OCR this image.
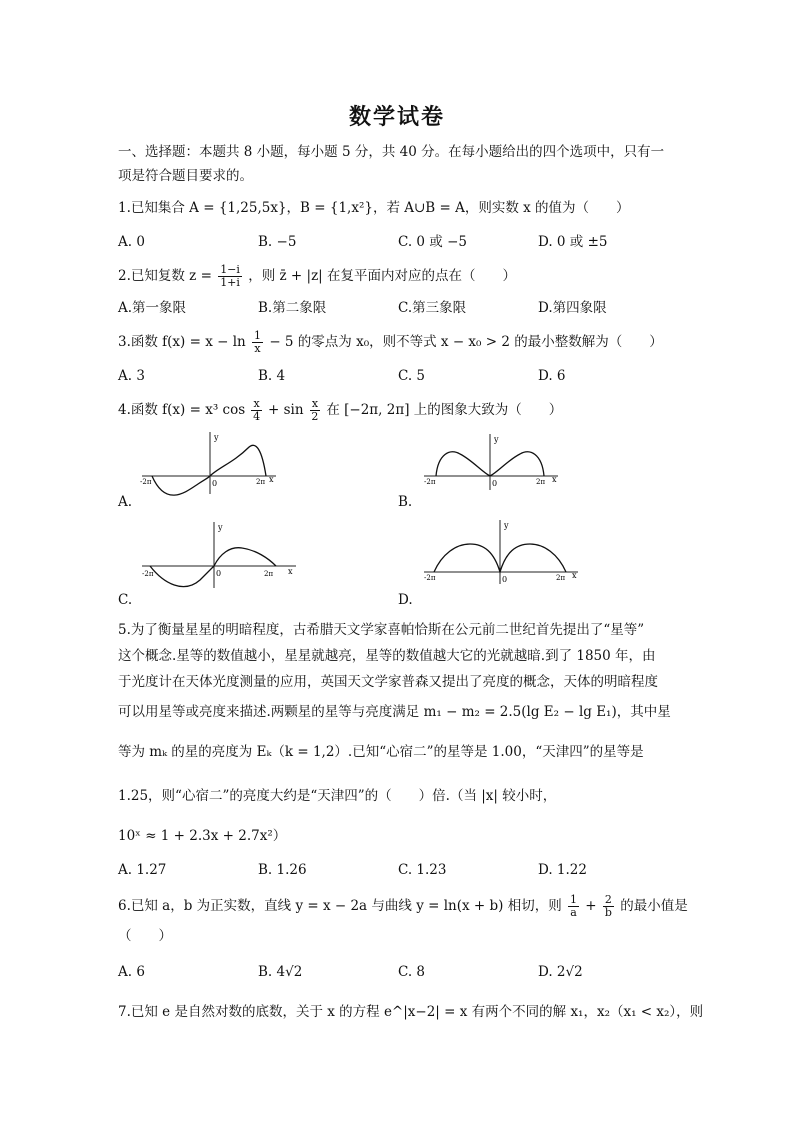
数学试卷
一、选择题：本题共 8 小题，每小题 5 分，共 40 分。在每小题给出的四个选项中，只有一
项是符合题目要求的。
1.已知集合 A = {1,25,5x}，B = {1,x²}，若 A∪B = A，则实数 x 的值为（　　）
A. 0	B. −5	C. 0 或 −5	D. 0 或 ±5
2.已知复数 $z = \frac{1-i}{1+i}$ ，则 z̄ + |z| 在复平面内对应的点在（　　）
A.第一象限	B.第二象限	C.第三象限	D.第四象限
3.函数 $f(x) = x - \ln \frac{1}{x} - 5$ 的零点为 x₀，则不等式 x − x₀ > 2 的最小整数解为（　　）
A. 3	B. 4	C. 5	D. 6
4.函数 f(x) = x³ $\cos \frac{x}{4} + \sin \frac{x}{2}$ 在 [−2π, 2π] 上的图象大致为（　　）
y
x
0
-2π	2π
A.
y
x
0
-2π	2π
B.
y
x
0
-2π	2π
C.
y
x
0
-2π	2π
D.
5.为了衡量星星的明暗程度，古希腊天文学家喜帕恰斯在公元前二世纪首先提出了“星等”
这个概念.星等的数值越小，星星就越亮，星等的数值越大它的光就越暗.到了 1850 年，由
于光度计在天体光度测量的应用，英国天文学家普森又提出了亮度的概念，天体的明暗程度
可以用星等或亮度来描述.两颗星的星等与亮度满足 m₁ − m₂ = 2.5(lg E₂ − lg E₁)，其中星
等为 mₖ 的星的亮度为 Eₖ（k = 1,2）.已知“心宿二”的星等是 1.00，“天津四”的星等是
1.25，则“心宿二”的亮度大约是“天津四”的（　　）倍.（当 |x| 较小时，
10ˣ ≈ 1 + 2.3x + 2.7x²）
A. 1.27	B. 1.26	C. 1.23	D. 1.22
6.已知 a，b 为正实数，直线 y = x − 2a 与曲线 y = ln(x + b) 相切，则 $\frac{1}{a} + \frac{2}{b}$ 的最小值是
（　　）
A. 6	B. 4√2	C. 8	D. 2√2
7.已知 e 是自然对数的底数，关于 x 的方程 e^|x−2| = x 有两个不同的解 x₁，x₂（x₁ < x₂），则
